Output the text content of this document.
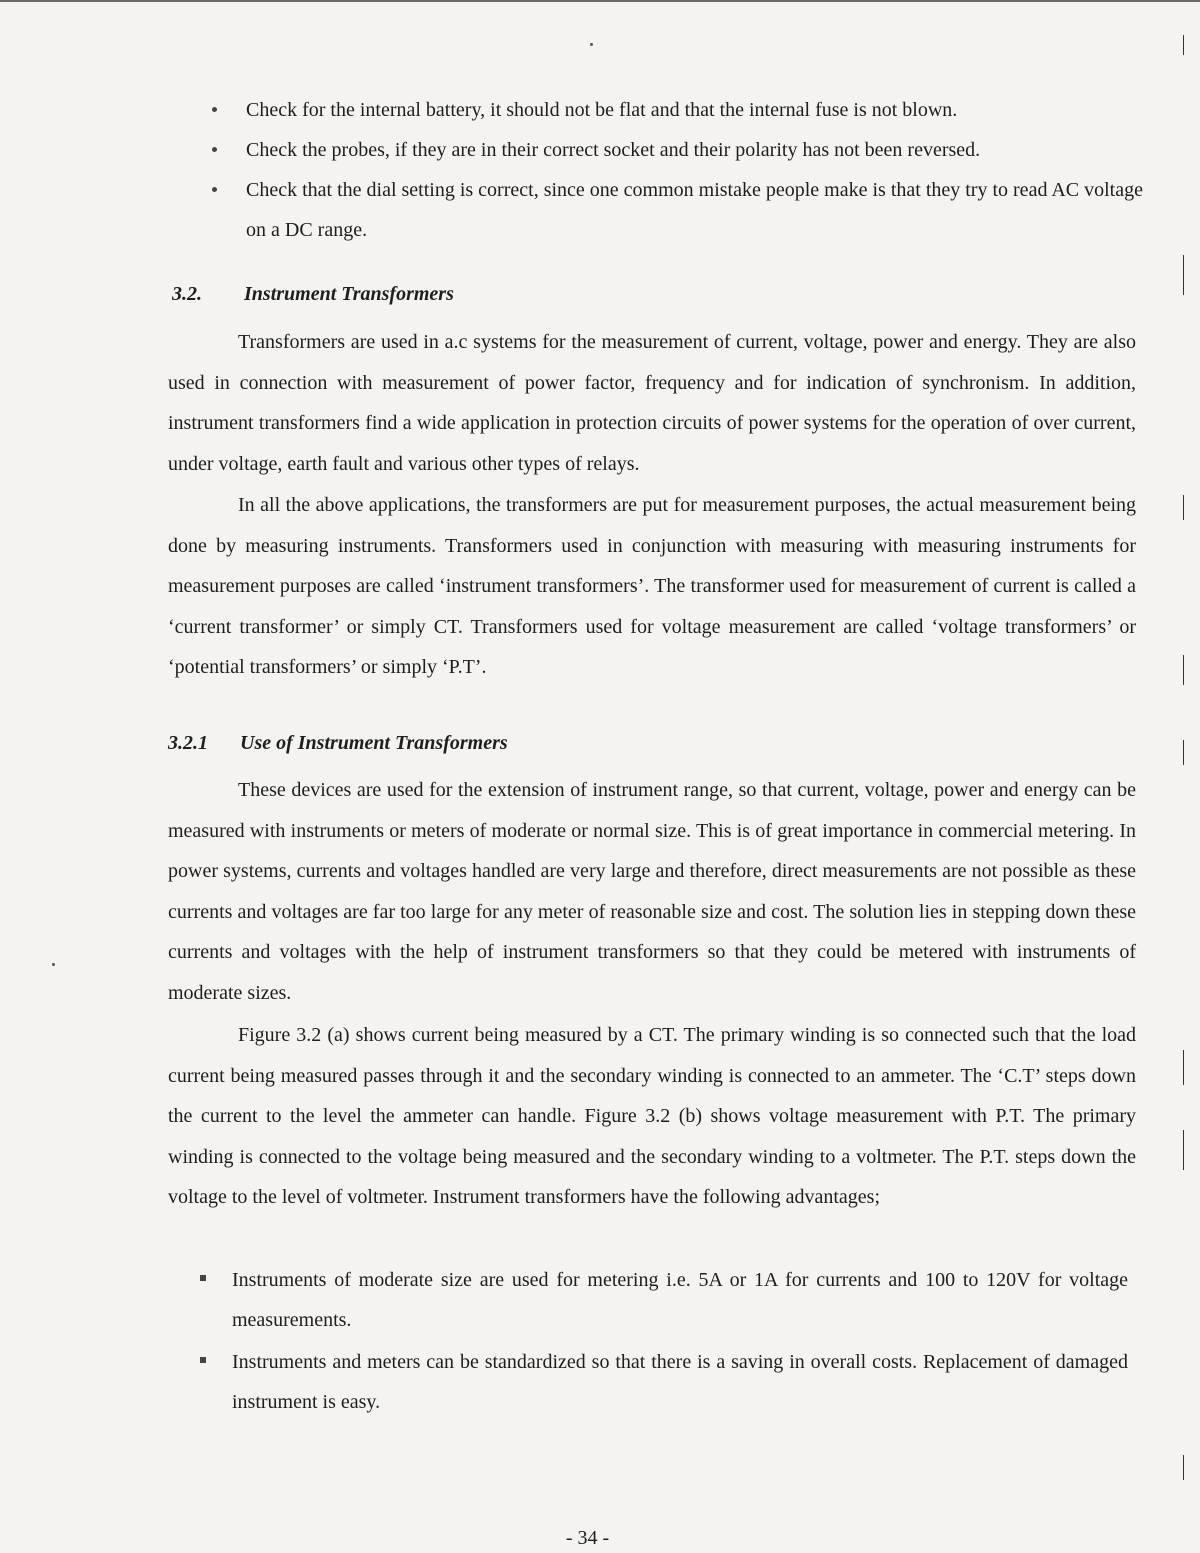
Check for the internal battery, it should not be flat and that the internal fuse is not blown.
Check the probes, if they are in their correct socket and their polarity has not been reversed.
Check that the dial setting is correct, since one common mistake people make is that they try to read AC voltage on a DC range.
3.2. Instrument Transformers

Transformers are used in a.c systems for the measurement of current, voltage, power and energy. They are also used in connection with measurement of power factor, frequency and for indication of synchronism. In addition, instrument transformers find a wide application in protection circuits of power systems for the operation of over current, under voltage, earth fault and various other types of relays.

In all the above applications, the transformers are put for measurement purposes, the actual measurement being done by measuring instruments. Transformers used in conjunction with measuring with measuring instruments for measurement purposes are called ‘instrument transformers’. The transformer used for measurement of current is called a ‘current transformer’ or simply CT. Transformers used for voltage measurement are called ‘voltage transformers’ or ‘potential transformers’ or simply ‘P.T’.

3.2.1 Use of Instrument Transformers

These devices are used for the extension of instrument range, so that current, voltage, power and energy can be measured with instruments or meters of moderate or normal size. This is of great importance in commercial metering. In power systems, currents and voltages handled are very large and therefore, direct measurements are not possible as these currents and voltages are far too large for any meter of reasonable size and cost. The solution lies in stepping down these currents and voltages with the help of instrument transformers so that they could be metered with instruments of moderate sizes.

Figure 3.2 (a) shows current being measured by a CT. The primary winding is so connected such that the load current being measured passes through it and the secondary winding is connected to an ammeter. The ‘C.T’ steps down the current to the level the ammeter can handle. Figure 3.2 (b) shows voltage measurement with P.T. The primary winding is connected to the voltage being measured and the secondary winding to a voltmeter. The P.T. steps down the voltage to the level of voltmeter. Instrument transformers have the following advantages;

Instruments of moderate size are used for metering i.e. 5A or 1A for currents and 100 to 120V for voltage measurements.
Instruments and meters can be standardized so that there is a saving in overall costs. Replacement of damaged instrument is easy.
- 34 -
